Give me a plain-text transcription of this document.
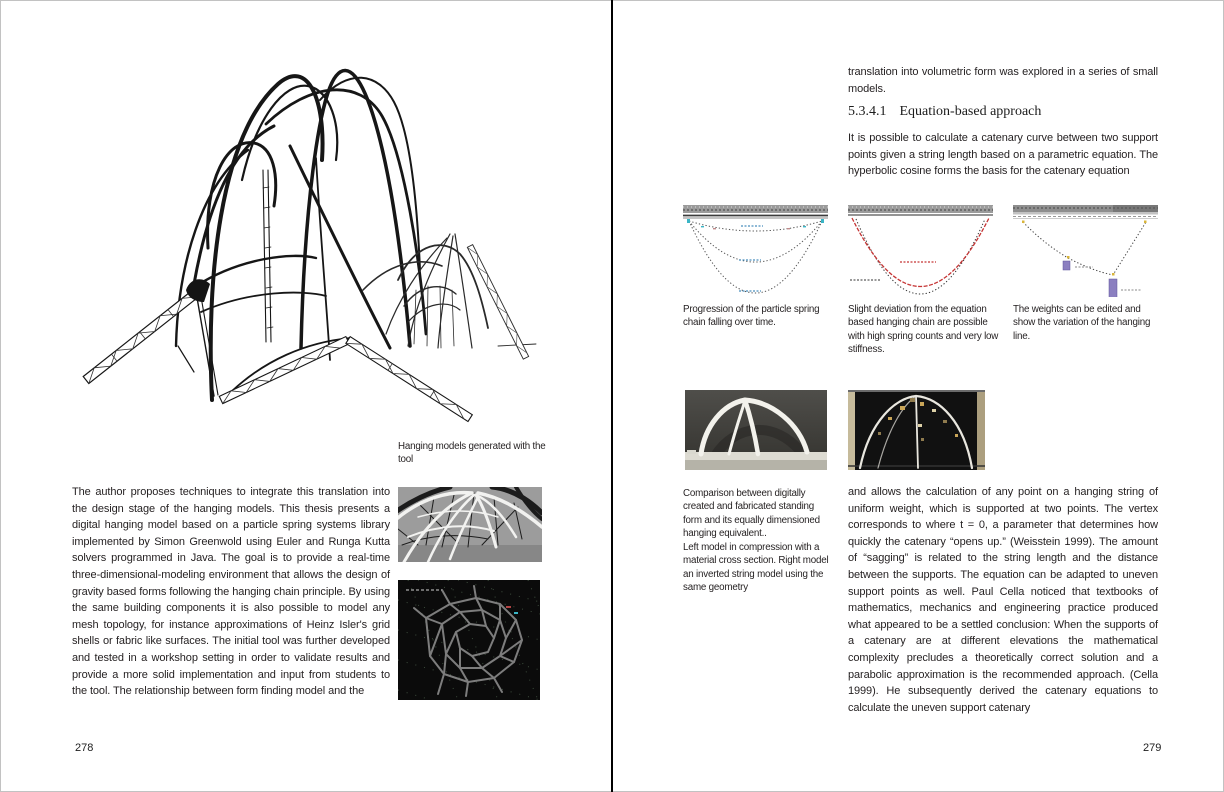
Hanging models generated with the tool
The author proposes techniques to integrate this translation into the design stage of the hanging models. This thesis presents a digital hanging model based on a particle spring systems library implemented by Simon Greenwold using Euler and Runga Kutta solvers programmed in Java. The goal is to provide a real-time three-dimensional-modeling environment that allows the design of gravity based forms following the hanging chain principle. By using the same building components it is also possible to model any mesh topology, for instance approximations of Heinz Isler's grid shells or fabric like surfaces. The initial tool was further developed and tested in a workshop setting in order to validate results and provide a more solid implementation and input from students to the tool. The relationship between form finding model and the
278
translation into volumetric form was explored in a series of small models.
5.3.4.1 Equation-based approach
It is possible to calculate a catenary curve between two support points given a string length based on a parametric equation. The hyperbolic cosine forms the basis for the catenary equation
Progression of the particle spring chain falling over time.
Slight deviation from the equation based hanging chain are possible with high spring counts and very low stiffness.
The weights can be edited and show the variation of the hanging line.
Comparison between digitally created and fabricated standing form and its equally dimensioned hanging equivalent..
Left model in compression with a material cross section. Right model an inverted string model using the same geometry
and allows the calculation of any point on a hanging string of uniform weight, which is supported at two points. The vertex corresponds to where t = 0, a parameter that determines how quickly the catenary “opens up.” (Weisstein 1999). The amount of “sagging” is related to the string length and the distance between the supports. The equation can be adapted to uneven support points as well. Paul Cella noticed that textbooks of mathematics, mechanics and engineering practice produced what appeared to be a settled conclusion: When the supports of a catenary are at different elevations the mathematical complexity precludes a theoretically correct solution and a parabolic approximation is the recommended approach. (Cella 1999). He subsequently derived the catenary equations to calculate the uneven support catenary
279
